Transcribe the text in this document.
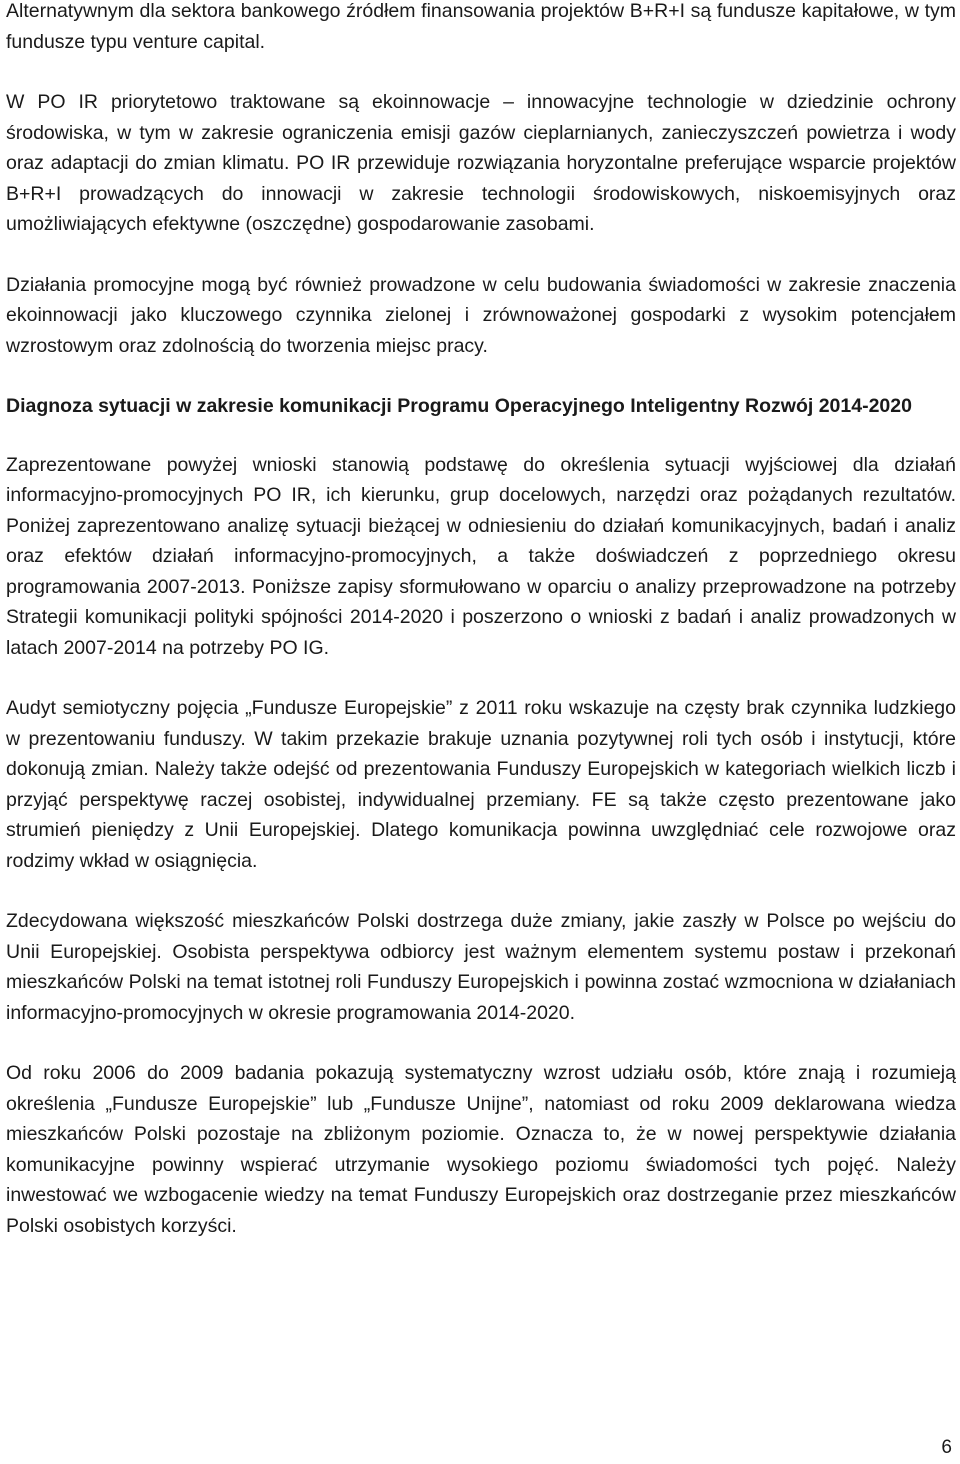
Alternatywnym dla sektora bankowego źródłem finansowania projektów B+R+I są fundusze kapitałowe, w tym fundusze typu venture capital.

W PO IR priorytetowo traktowane są ekoinnowacje – innowacyjne technologie w dziedzinie ochrony środowiska, w tym w zakresie ograniczenia emisji gazów cieplarnianych, zanieczyszczeń powietrza i wody oraz adaptacji do zmian klimatu. PO IR przewiduje rozwiązania horyzontalne preferujące wsparcie projektów B+R+I prowadzących do innowacji w zakresie technologii środowiskowych, niskoemisyjnych oraz umożliwiających efektywne (oszczędne) gospodarowanie zasobami.

Działania promocyjne mogą być również prowadzone w celu budowania świadomości w zakresie znaczenia ekoinnowacji jako kluczowego czynnika zielonej i zrównoważonej gospodarki z wysokim potencjałem wzrostowym oraz zdolnością do tworzenia miejsc pracy.

Diagnoza sytuacji w zakresie komunikacji Programu Operacyjnego Inteligentny Rozwój 2014-2020

Zaprezentowane powyżej wnioski stanowią podstawę do określenia sytuacji wyjściowej dla działań informacyjno-promocyjnych PO IR, ich kierunku, grup docelowych, narzędzi oraz pożądanych rezultatów. Poniżej zaprezentowano analizę sytuacji bieżącej w odniesieniu do działań komunikacyjnych, badań i analiz oraz efektów działań informacyjno-promocyjnych, a także doświadczeń z poprzedniego okresu programowania 2007-2013. Poniższe zapisy sformułowano w oparciu o analizy przeprowadzone na potrzeby Strategii komunikacji polityki spójności 2014-2020 i poszerzono o wnioski z badań i analiz prowadzonych w latach 2007-2014 na potrzeby PO IG.

Audyt semiotyczny pojęcia „Fundusze Europejskie” z 2011 roku wskazuje na częsty brak czynnika ludzkiego w prezentowaniu funduszy. W takim przekazie brakuje uznania pozytywnej roli tych osób i instytucji, które dokonują zmian. Należy także odejść od prezentowania Funduszy Europejskich w kategoriach wielkich liczb i przyjąć perspektywę raczej osobistej, indywidualnej przemiany. FE są także często prezentowane jako strumień pieniędzy z Unii Europejskiej. Dlatego komunikacja powinna uwzględniać cele rozwojowe oraz rodzimy wkład w osiągnięcia.

Zdecydowana większość mieszkańców Polski dostrzega duże zmiany, jakie zaszły w Polsce po wejściu do Unii Europejskiej. Osobista perspektywa odbiorcy jest ważnym elementem systemu postaw i przekonań mieszkańców Polski na temat istotnej roli Funduszy Europejskich i powinna zostać wzmocniona w działaniach informacyjno-promocyjnych w okresie programowania 2014-2020.

Od roku 2006 do 2009 badania pokazują systematyczny wzrost udziału osób, które znają i rozumieją określenia „Fundusze Europejskie” lub „Fundusze Unijne”, natomiast od roku 2009 deklarowana wiedza mieszkańców Polski pozostaje na zbliżonym poziomie. Oznacza to, że w nowej perspektywie działania komunikacyjne powinny wspierać utrzymanie wysokiego poziomu świadomości tych pojęć. Należy inwestować we wzbogacenie wiedzy na temat Funduszy Europejskich oraz dostrzeganie przez mieszkańców Polski osobistych korzyści.

6
